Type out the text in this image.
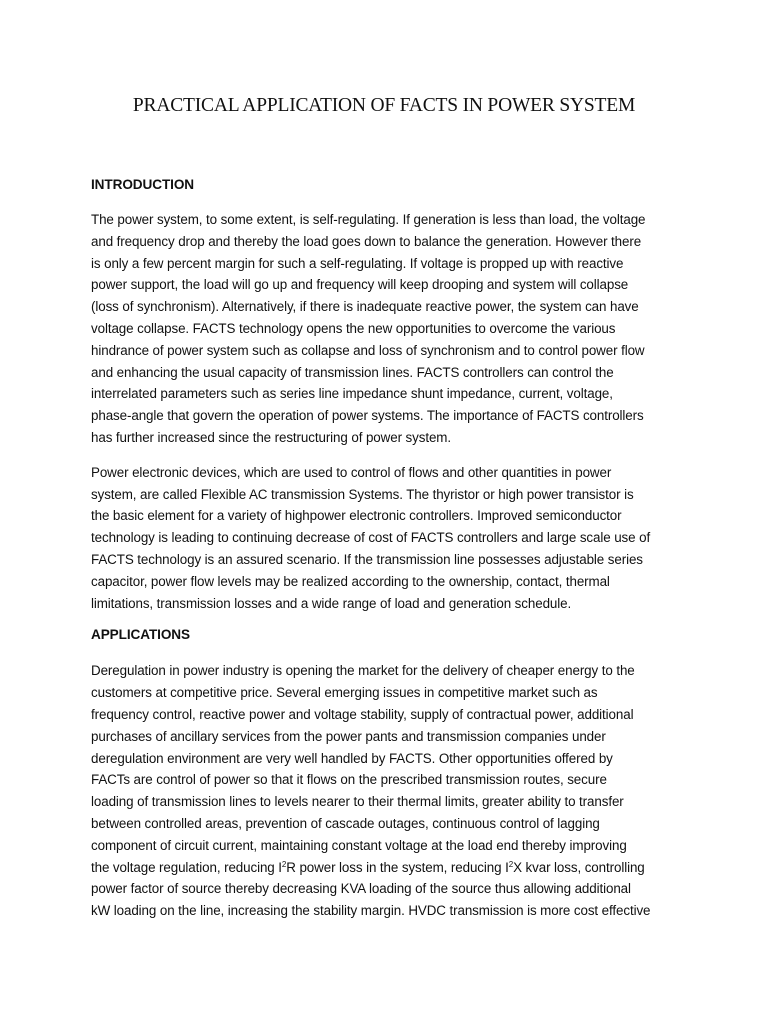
PRACTICAL APPLICATION OF FACTS IN POWER SYSTEM
INTRODUCTION

The power system, to some extent, is self-regulating. If generation is less than load, the voltage
and frequency drop and thereby the load goes down to balance the generation. However there
is only a few percent margin for such a self-regulating. If voltage is propped up with reactive
power support, the load will go up and frequency will keep drooping and system will collapse
(loss of synchronism). Alternatively, if there is inadequate reactive power, the system can have
voltage collapse. FACTS technology opens the new opportunities to overcome the various
hindrance of power system such as collapse and loss of synchronism and to control power flow
and enhancing the usual capacity of transmission lines. FACTS controllers can control the
interrelated parameters such as series line impedance shunt impedance, current, voltage,
phase-angle that govern the operation of power systems. The importance of FACTS controllers
has further increased since the restructuring of power system.

Power electronic devices, which are used to control of flows and other quantities in power
system, are called Flexible AC transmission Systems. The thyristor or high power transistor is
the basic element for a variety of highpower electronic controllers. Improved semiconductor
technology is leading to continuing decrease of cost of FACTS controllers and large scale use of
FACTS technology is an assured scenario. If the transmission line possesses adjustable series
capacitor, power flow levels may be realized according to the ownership, contact, thermal
limitations, transmission losses and a wide range of load and generation schedule.

APPLICATIONS

Deregulation in power industry is opening the market for the delivery of cheaper energy to the
customers at competitive price. Several emerging issues in competitive market such as
frequency control, reactive power and voltage stability, supply of contractual power, additional
purchases of ancillary services from the power pants and transmission companies under
deregulation environment are very well handled by FACTS. Other opportunities offered by
FACTs are control of power so that it flows on the prescribed transmission routes, secure
loading of transmission lines to levels nearer to their thermal limits, greater ability to transfer
between controlled areas, prevention of cascade outages, continuous control of lagging
component of circuit current, maintaining constant voltage at the load end thereby improving
the voltage regulation, reducing $I^2R$ power loss in the system, reducing $I^2X$ kvar loss, controlling
power factor of source thereby decreasing KVA loading of the source thus allowing additional
kW loading on the line, increasing the stability margin. HVDC transmission is more cost effective
